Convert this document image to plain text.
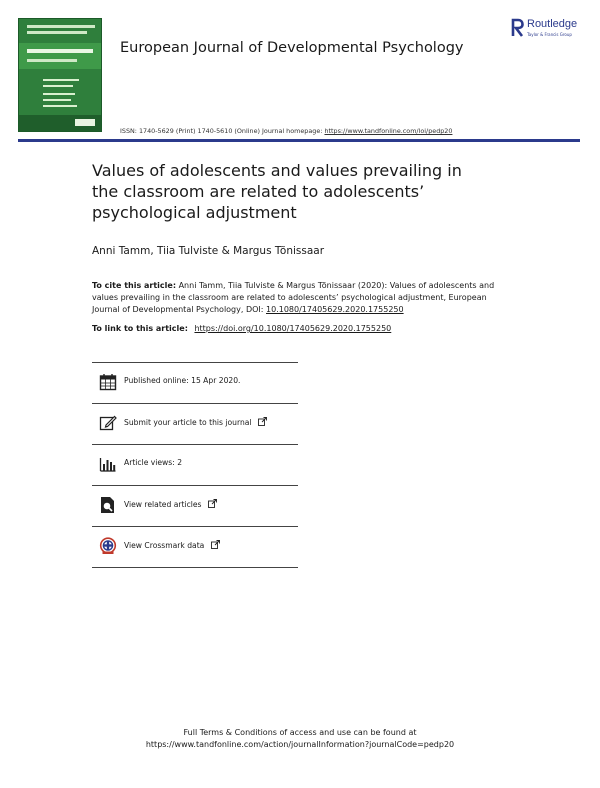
European Journal of Developmental Psychology
Routledge
Taylor & Francis Group
ISSN: 1740-5629 (Print) 1740-5610 (Online) Journal homepage: https://www.tandfonline.com/loi/pedp20
Values of adolescents and values prevailing in the classroom are related to adolescents’ psychological adjustment
Anni Tamm, Tiia Tulviste & Margus Tõnissaar
To cite this article: Anni Tamm, Tiia Tulviste & Margus Tõnissaar (2020): Values of adolescents and values prevailing in the classroom are related to adolescents’ psychological adjustment, European Journal of Developmental Psychology, DOI: 10.1080/17405629.2020.1755250
To link to this article: https://doi.org/10.1080/17405629.2020.1755250
Published online: 15 Apr 2020.
Submit your article to this journal
Article views: 2
View related articles
View Crossmark data
Full Terms & Conditions of access and use can be found at
https://www.tandfonline.com/action/journalInformation?journalCode=pedp20
